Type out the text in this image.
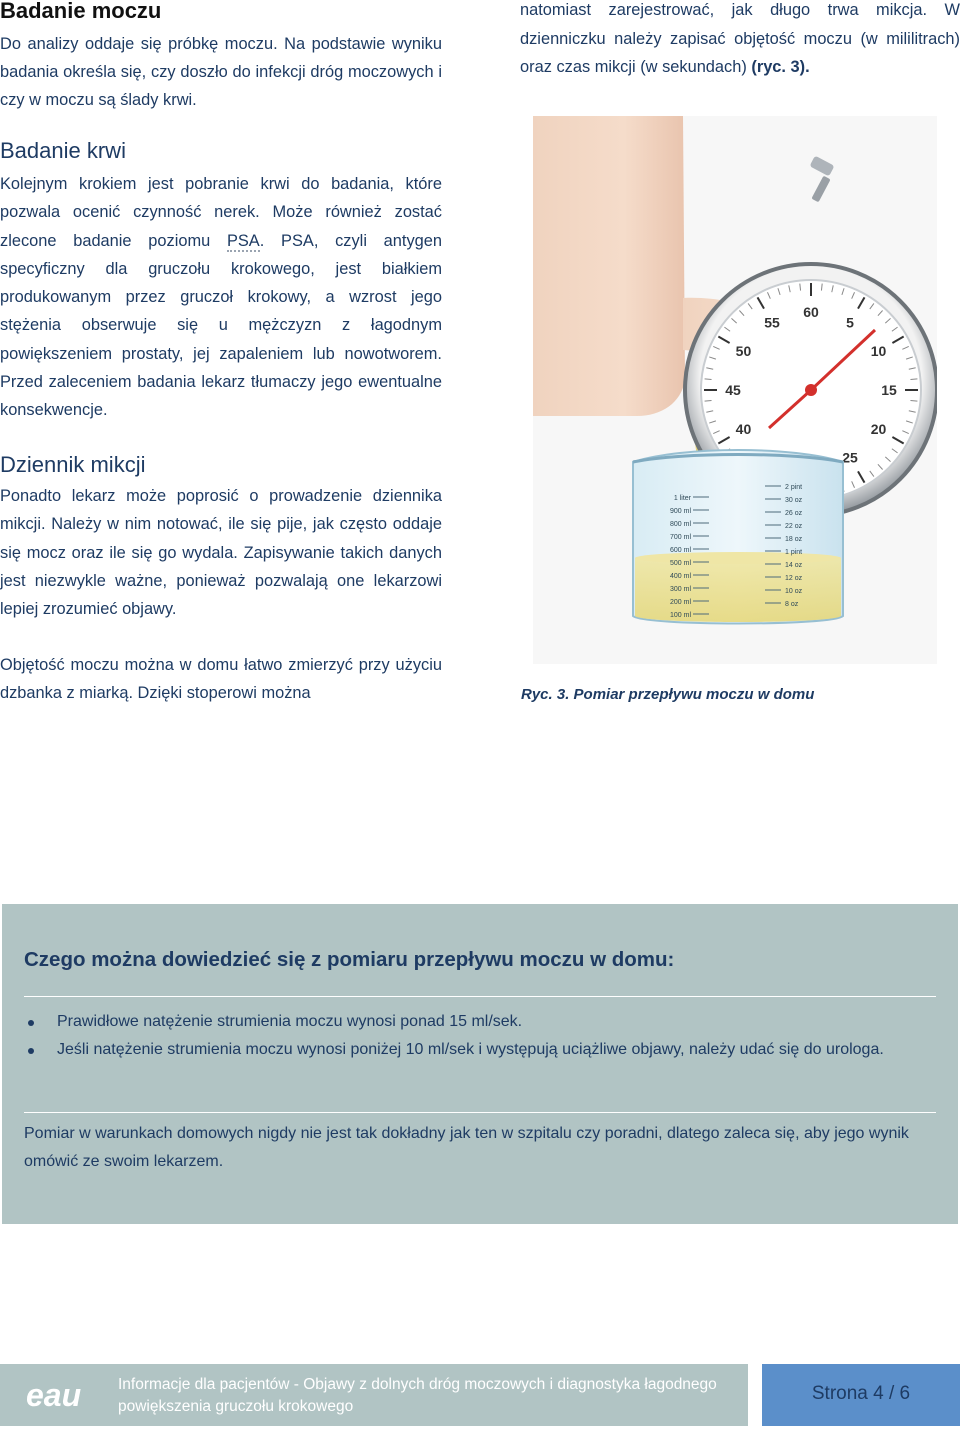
Badanie moczu

Do analizy oddaje się próbkę moczu. Na podstawie wyniku badania określa się, czy doszło do infekcji dróg moczowych i czy w moczu są ślady krwi.

Badanie krwi

Kolejnym krokiem jest pobranie krwi do badania, które pozwala ocenić czynność nerek. Może również zostać zlecone badanie poziomu PSA. PSA, czyli antygen specyficzny dla gruczołu krokowego, jest białkiem produkowanym przez gruczoł krokowy, a wzrost jego stężenia obserwuje się u mężczyzn z łagodnym powiększeniem prostaty, jej zapaleniem lub nowotworem. Przed zaleceniem badania lekarz tłumaczy jego ewentualne konsekwencje.

Dziennik mikcji

Ponadto lekarz może poprosić o prowadzenie dziennika mikcji. Należy w nim notować, ile się pije, jak często oddaje się mocz oraz ile się go wydala. Zapisywanie takich danych jest niezwykle ważne, ponieważ pozwalają one lekarzowi lepiej zrozumieć objawy.

Objętość moczu można w domu łatwo zmierzyć przy użyciu dzbanka z miarką. Dzięki stoperowi można

natomiast zarejestrować, jak długo trwa mikcja. W dzienniczku należy zapisać objętość moczu (w mililitrach) oraz czas mikcji (w sekundach) (ryc. 3).

60
5
10
15
20
25
40
45
50
55
1 liter
900 ml
800 ml
700 ml
600 ml
500 ml
400 ml
300 ml
200 ml
100 ml
2 pint
30 oz
26 oz
22 oz
18 oz
1 pint
14 oz
12 oz
10 oz
8 oz
Ryc. 3. Pomiar przepływu moczu w domu
Czego można dowiedzieć się z pomiaru przepływu moczu w domu:
Prawidłowe natężenie strumienia moczu wynosi ponad 15 ml/sek.
Jeśli natężenie strumienia moczu wynosi poniżej 10 ml/sek i występują uciążliwe objawy, należy udać się do urologa.

Pomiar w warunkach domowych nigdy nie jest tak dokładny jak ten w szpitalu czy poradni, dlatego zaleca się, aby jego wynik omówić ze swoim lekarzem.

eau Informacje dla pacjentów - Objawy z dolnych dróg moczowych i diagnostyka łagodnego powiększenia gruczołu krokowego
Strona 4 / 6
